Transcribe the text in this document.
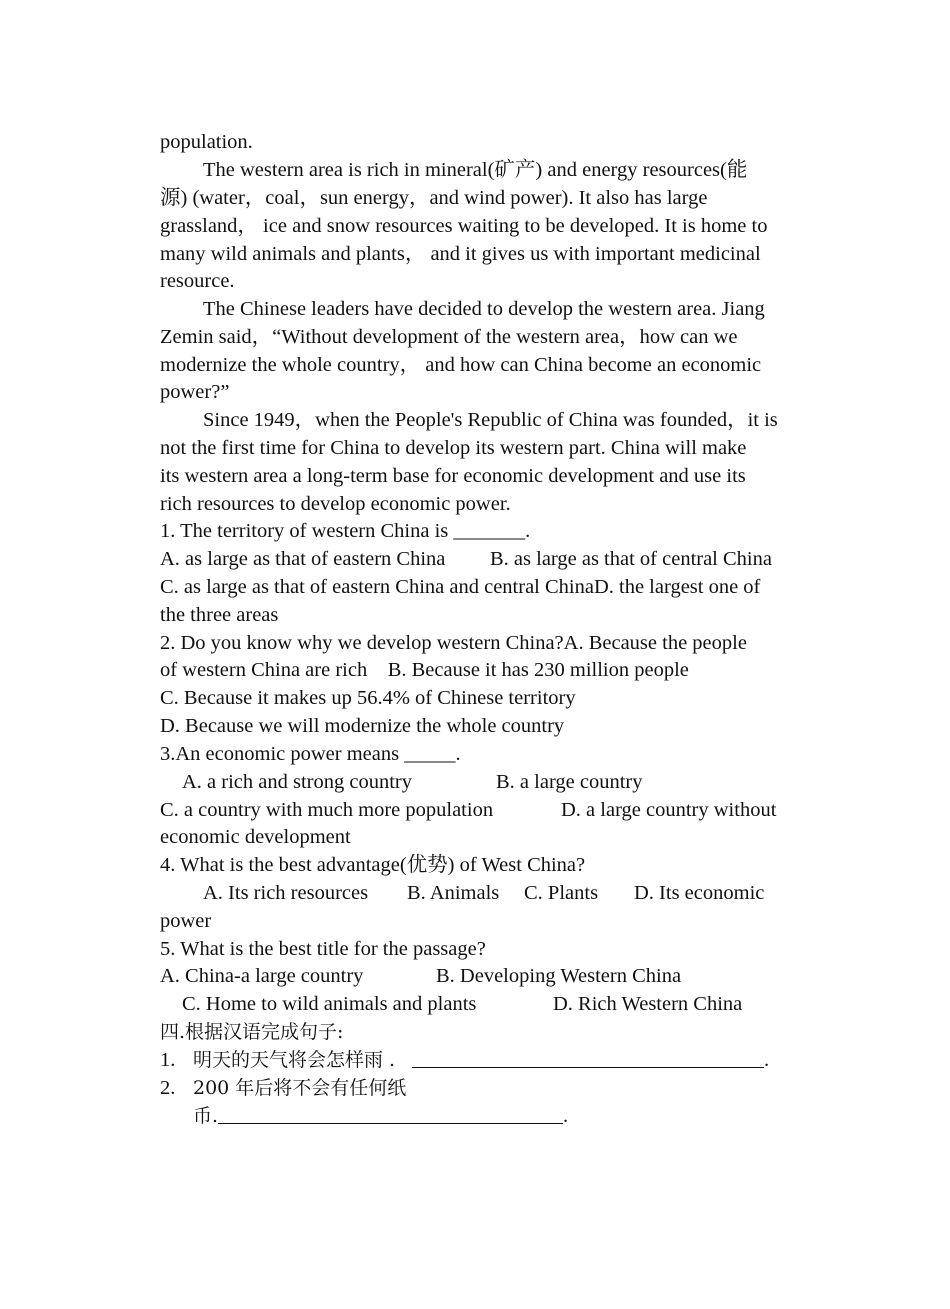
population.
The western area is rich in mineral(矿产) and energy resources(能
源) (water，coal，sun energy，and wind power). It also has large
grassland， ice and snow resources waiting to be developed. It is home to
many wild animals and plants， and it gives us with important medicinal
resource.
The Chinese leaders have decided to develop the western area. Jiang
Zemin said，“Without development of the western area，how can we
modernize the whole country， and how can China become an economic
power?”
Since 1949，when the People's Republic of China was founded，it is
not the first time for China to develop its western part. China will make
its western area a long-term base for economic development and use its
rich resources to develop economic power.
1. The territory of western China is _______.
A. as large as that of eastern China B. as large as that of central China
C. as large as that of eastern China and central ChinaD. the largest one of
the three areas
2. Do you know why we develop western China?A. Because the people
of western China are rich    B. Because it has 230 million people
C. Because it makes up 56.4% of Chinese territory
D. Because we will modernize the whole country
3.An economic power means _____.
A. a rich and strong country	B. a large country
C. a country with much more population	D. a large country without
economic development
4. What is the best advantage(优势) of West China?
A. Its rich resources B. Animals C. Plants D. Its economic
power
5. What is the best title for the passage?
A. China-a large country	B. Developing Western China
C. Home to wild animals and plants	D. Rich Western China
四.根据汉语完成句子:
1. 明天的天气将会怎样雨 .	.
2. 200 年后将不会有任何纸
币.	.
